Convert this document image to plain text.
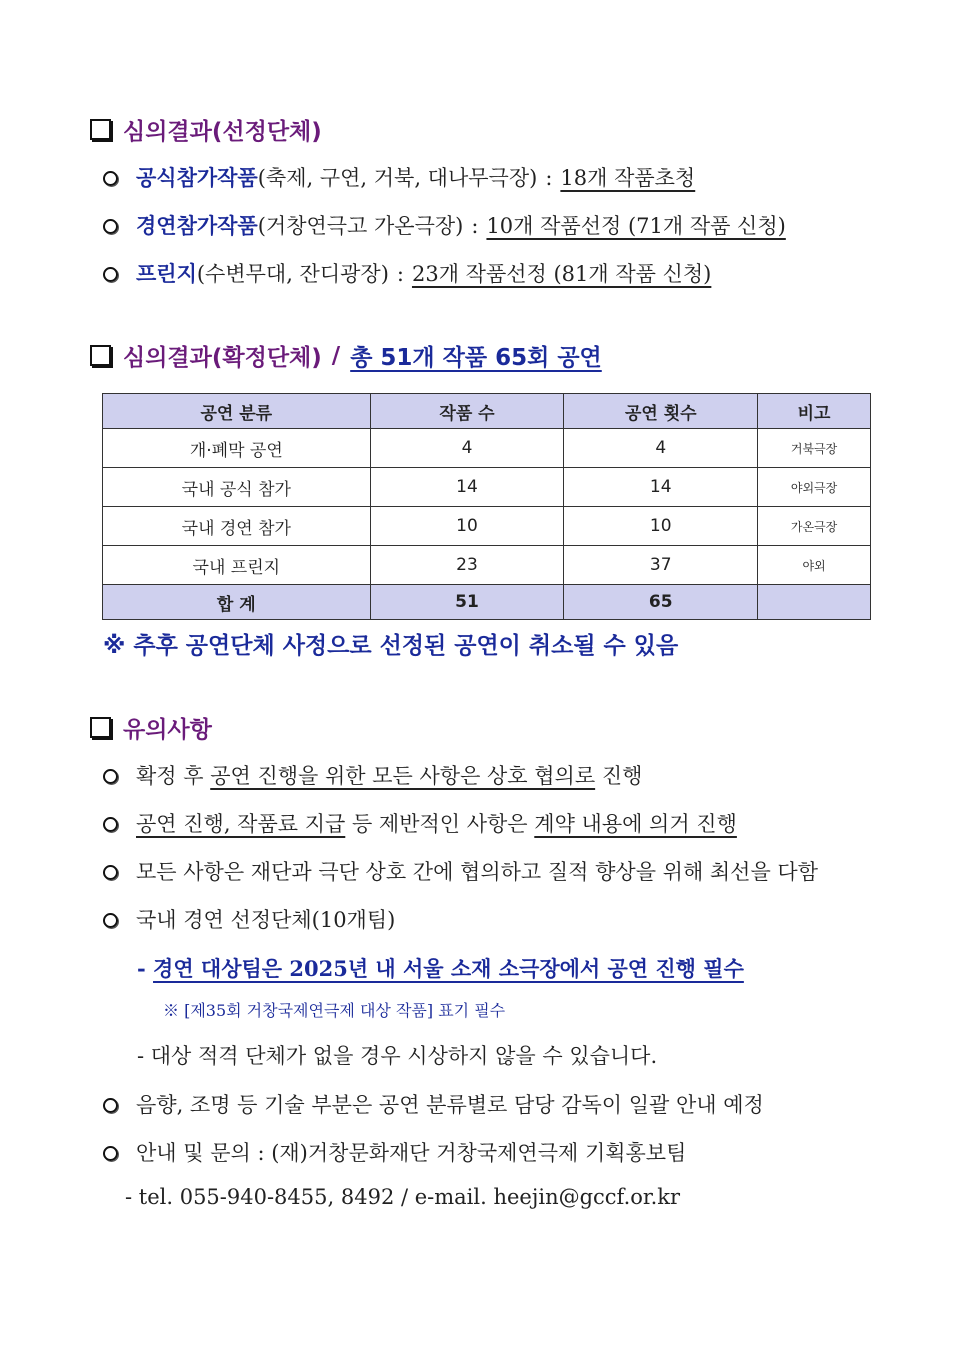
심의결과(선정단체)
공식참가작품 (축제, 구연, 거북, 대나무극장) : 18개 작품초청
경연참가작품 (거창연극고 가온극장) : 10개 작품선정 (71개 작품 신청)
프린지 (수변무대, 잔디광장) : 23개 작품선정 (81개 작품 신청)
심의결과(확정단체) / 총 51개 작품 65회 공연
공연 분류	작품 수	공연 횟수	비고
개·폐막 공연	4	4	거북극장
국내 공식 참가	14	14	야외극장
국내 경연 참가	10	10	가온극장
국내 프린지	23	37	야외
합 계	51	65	
※ 추후 공연단체 사정으로 선정된 공연이 취소될 수 있음
유의사항
확정 후 공연 진행을 위한 모든 사항은 상호 협의로 진행
공연 진행, 작품료 지급 등 제반적인 사항은 계약 내용에 의거 진행
모든 사항은 재단과 극단 상호 간에 협의하고 질적 향상을 위해 최선을 다함
국내 경연 선정단체(10개팀)
- 경연 대상팀은 2025년 내 서울 소재 소극장에서 공연 진행 필수
※ [제35회 거창국제연극제 대상 작품] 표기 필수
- 대상 적격 단체가 없을 경우 시상하지 않을 수 있습니다.
음향, 조명 등 기술 부분은 공연 분류별로 담당 감독이 일괄 안내 예정
안내 및 문의 : (재)거창문화재단 거창국제연극제 기획홍보팀
- tel. 055-940-8455, 8492 / e-mail. heejin@gccf.or.kr
